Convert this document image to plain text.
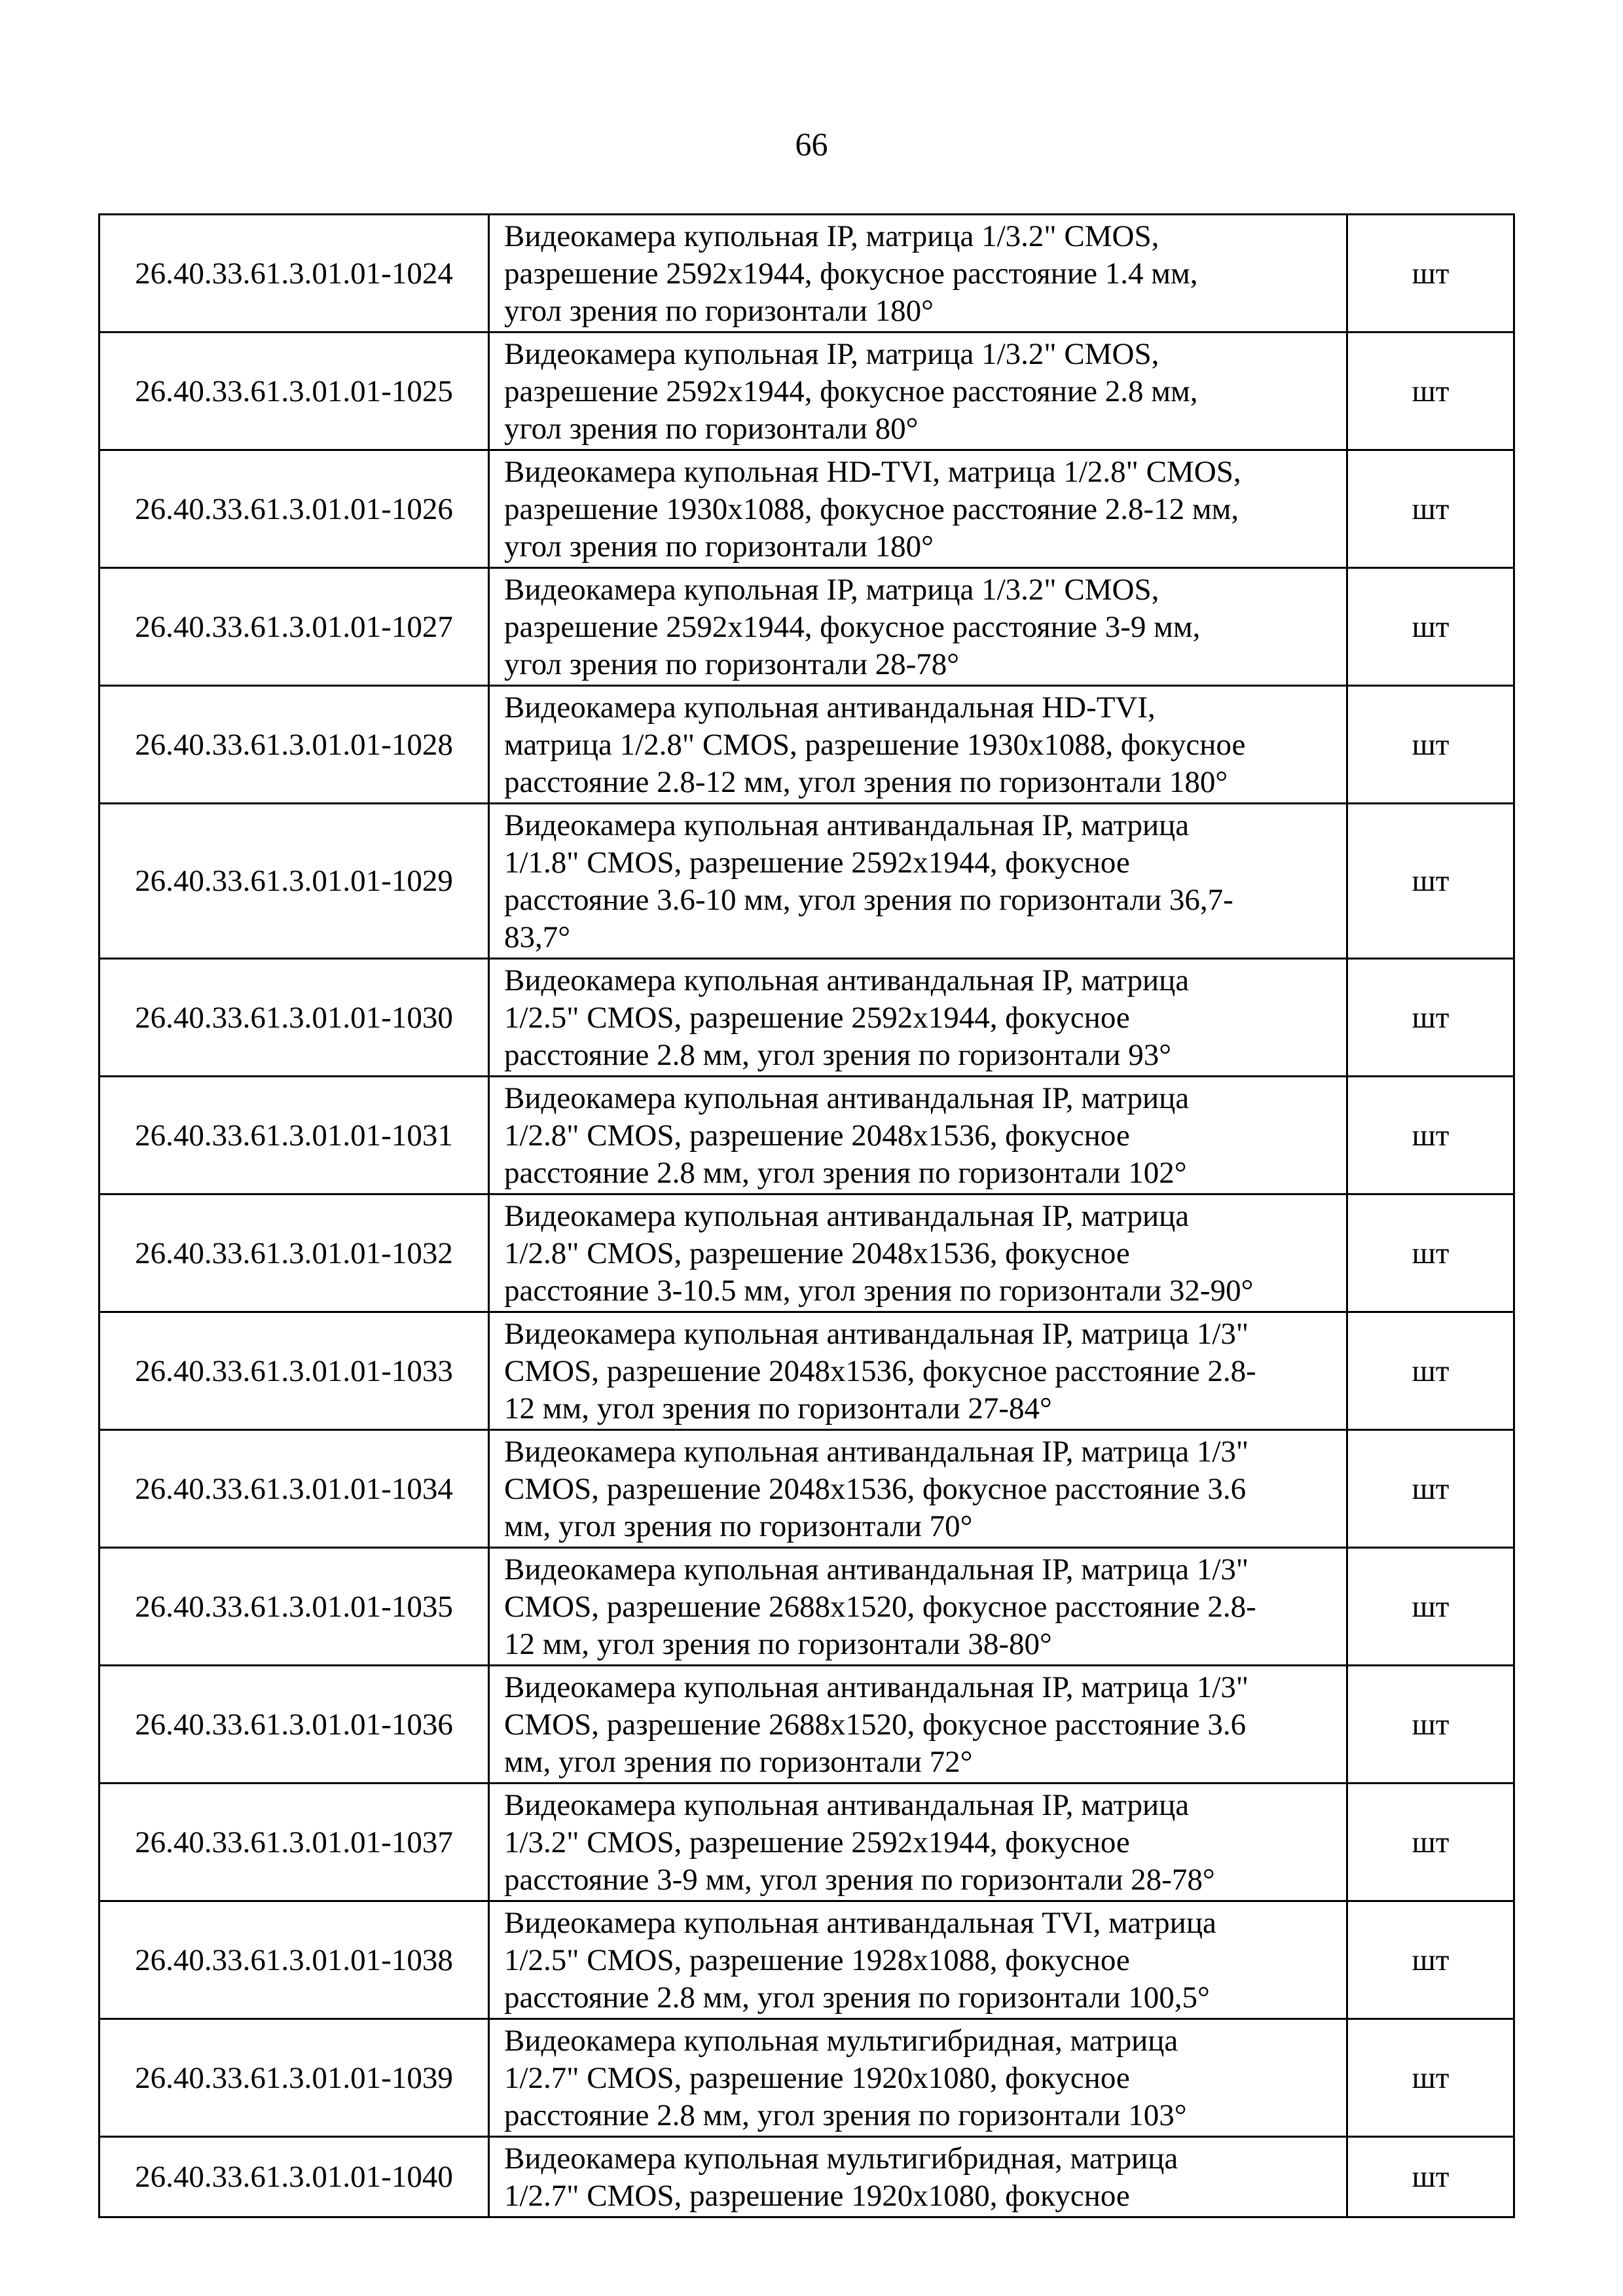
66
26.40.33.61.3.01.01-1024	Видеокамера купольная IP, матрица 1/3.2" CMOS,
разрешение 2592x1944, фокусное расстояние 1.4 мм,
угол зрения по горизонтали 180°	шт
26.40.33.61.3.01.01-1025	Видеокамера купольная IP, матрица 1/3.2" CMOS,
разрешение 2592x1944, фокусное расстояние 2.8 мм,
угол зрения по горизонтали 80°	шт
26.40.33.61.3.01.01-1026	Видеокамера купольная HD-TVI, матрица 1/2.8" CMOS,
разрешение 1930x1088, фокусное расстояние 2.8-12 мм,
угол зрения по горизонтали 180°	шт
26.40.33.61.3.01.01-1027	Видеокамера купольная IP, матрица 1/3.2" CMOS,
разрешение 2592x1944, фокусное расстояние 3-9 мм,
угол зрения по горизонтали 28-78°	шт
26.40.33.61.3.01.01-1028	Видеокамера купольная антивандальная HD-TVI,
матрица 1/2.8" CMOS, разрешение 1930x1088, фокусное
расстояние 2.8-12 мм, угол зрения по горизонтали 180°	шт
26.40.33.61.3.01.01-1029	Видеокамера купольная антивандальная IP, матрица
1/1.8" CMOS, разрешение 2592x1944, фокусное
расстояние 3.6-10 мм, угол зрения по горизонтали 36,7-
83,7°	шт
26.40.33.61.3.01.01-1030	Видеокамера купольная антивандальная IP, матрица
1/2.5" CMOS, разрешение 2592x1944, фокусное
расстояние 2.8 мм, угол зрения по горизонтали 93°	шт
26.40.33.61.3.01.01-1031	Видеокамера купольная антивандальная IP, матрица
1/2.8" CMOS, разрешение 2048x1536, фокусное
расстояние 2.8 мм, угол зрения по горизонтали 102°	шт
26.40.33.61.3.01.01-1032	Видеокамера купольная антивандальная IP, матрица
1/2.8" CMOS, разрешение 2048x1536, фокусное
расстояние 3-10.5 мм, угол зрения по горизонтали 32-90°	шт
26.40.33.61.3.01.01-1033	Видеокамера купольная антивандальная IP, матрица 1/3"
CMOS, разрешение 2048x1536, фокусное расстояние 2.8-
12 мм, угол зрения по горизонтали 27-84°	шт
26.40.33.61.3.01.01-1034	Видеокамера купольная антивандальная IP, матрица 1/3"
CMOS, разрешение 2048x1536, фокусное расстояние 3.6
мм, угол зрения по горизонтали 70°	шт
26.40.33.61.3.01.01-1035	Видеокамера купольная антивандальная IP, матрица 1/3"
CMOS, разрешение 2688x1520, фокусное расстояние 2.8-
12 мм, угол зрения по горизонтали 38-80°	шт
26.40.33.61.3.01.01-1036	Видеокамера купольная антивандальная IP, матрица 1/3"
CMOS, разрешение 2688x1520, фокусное расстояние 3.6
мм, угол зрения по горизонтали 72°	шт
26.40.33.61.3.01.01-1037	Видеокамера купольная антивандальная IP, матрица
1/3.2" CMOS, разрешение 2592x1944, фокусное
расстояние 3-9 мм, угол зрения по горизонтали 28-78°	шт
26.40.33.61.3.01.01-1038	Видеокамера купольная антивандальная TVI, матрица
1/2.5" CMOS, разрешение 1928x1088, фокусное
расстояние 2.8 мм, угол зрения по горизонтали 100,5°	шт
26.40.33.61.3.01.01-1039	Видеокамера купольная мультигибридная, матрица
1/2.7" CMOS, разрешение 1920x1080, фокусное
расстояние 2.8 мм, угол зрения по горизонтали 103°	шт
26.40.33.61.3.01.01-1040	Видеокамера купольная мультигибридная, матрица
1/2.7" CMOS, разрешение 1920x1080, фокусное	шт
